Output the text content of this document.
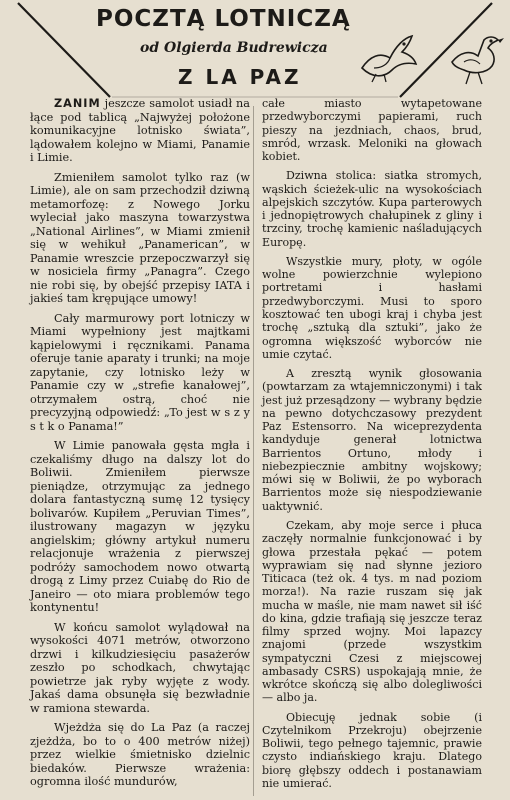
POCZTĄ LOTNICZĄ
od Olgierda Budrewicza
Z LA PAZ

ZANIM jeszcze samolot usiadł na łące pod tablicą „Najwyżej położone komunikacyjne lotnisko świata”, lądowałem kolejno w Miami, Panamie i Limie.

Zmieniłem samolot tylko raz (w Limie), ale on sam przechodził dziwną metamorfozę: z Nowego Jorku wyleciał jako maszyna towarzystwa „National Airlines”, w Miami zmienił się w wehikuł „Panamerican”, w Panamie wreszcie przepoczwarzył się w nosiciela firmy „Panagra”. Czego nie robi się, by obejść przepisy IATA i jakieś tam krępujące umowy!

Cały marmurowy port lotniczy w Miami wypełniony jest majtkami kąpielowymi i ręcznikami. Panama oferuje tanie aparaty i trunki; na moje zapytanie, czy lotnisko leży w Panamie czy w „strefie kanałowej”, otrzymałem ostrą, choć nie precyzyjną odpowiedź: „To jest w s z y s t k o Panama!”

W Limie panowała gęsta mgła i czekaliśmy długo na dalszy lot do Boliwii. Zmieniłem pierwsze pieniądze, otrzymując za jednego dolara fantastyczną sumę 12 tysięcy bolivarów. Kupiłem „Peruvian Times”, ilustrowany magazyn w języku angielskim; główny artykuł numeru relacjonuje wrażenia z pierwszej podróży samochodem nowo otwartą drogą z Limy przez Cuiabę do Rio de Janeiro — oto miara problemów tego kontynentu!

W końcu samolot wylądował na wysokości 4071 metrów, otworzono drzwi i kilkudziesięciu pasażerów zeszło po schodkach, chwytając powietrze jak ryby wyjęte z wody. Jakaś dama obsunęła się bezwładnie w ramiona stewarda.

Wjeżdża się do La Paz (a raczej zjeżdża, bo to o 400 metrów niżej) przez wielkie śmietnisko dzielnic biedaków. Pierwsze wrażenia: ogromna ilość mundurów,

całe miasto wytapetowane przedwyborczymi papierami, ruch pieszy na jezdniach, chaos, brud, smród, wrzask. Meloniki na głowach kobiet.

Dziwna stolica: siatka stromych, wąskich ścieżek-ulic na wysokościach alpejskich szczytów. Kupa parterowych i jednopiętrowych chałupinek z gliny i trzciny, trochę kamienic naśladujących Europę.

Wszystkie mury, płoty, w ogóle wolne powierzchnie wylepiono portretami i hasłami przedwyborczymi. Musi to sporo kosztować ten ubogi kraj i chyba jest trochę „sztuką dla sztuki”, jako że ogromna większość wyborców nie umie czytać.

A zresztą wynik głosowania (powtarzam za wtajemniczonymi) i tak jest już przesądzony — wybrany będzie na pewno dotychczasowy prezydent Paz Estensorro. Na wiceprezydenta kandyduje generał lotnictwa Barrientos Ortuno, młody i niebezpiecznie ambitny wojskowy; mówi się w Boliwii, że po wyborach Barrientos może się niespodziewanie uaktywnić.

Czekam, aby moje serce i płuca zaczęły normalnie funkcjonować i by głowa przestała pękać — potem wyprawiam się nad słynne jezioro Titicaca (też ok. 4 tys. m nad poziom morza!). Na razie ruszam się jak mucha w maśle, nie mam nawet sił iść do kina, gdzie trafiają się jeszcze teraz filmy sprzed wojny. Moi lapazcy znajomi (przede wszystkim sympatyczni Czesi z miejscowej ambasady CSRS) uspokajają mnie, że wkrótce skończą się albo dolegliwości — albo ja.

Obiecuję jednak sobie (i Czytelnikom Przekroju) obejrzenie Boliwii, tego pełnego tajemnic, prawie czysto indiańskiego kraju. Dlatego biorę głębszy oddech i postanawiam nie umierać.
